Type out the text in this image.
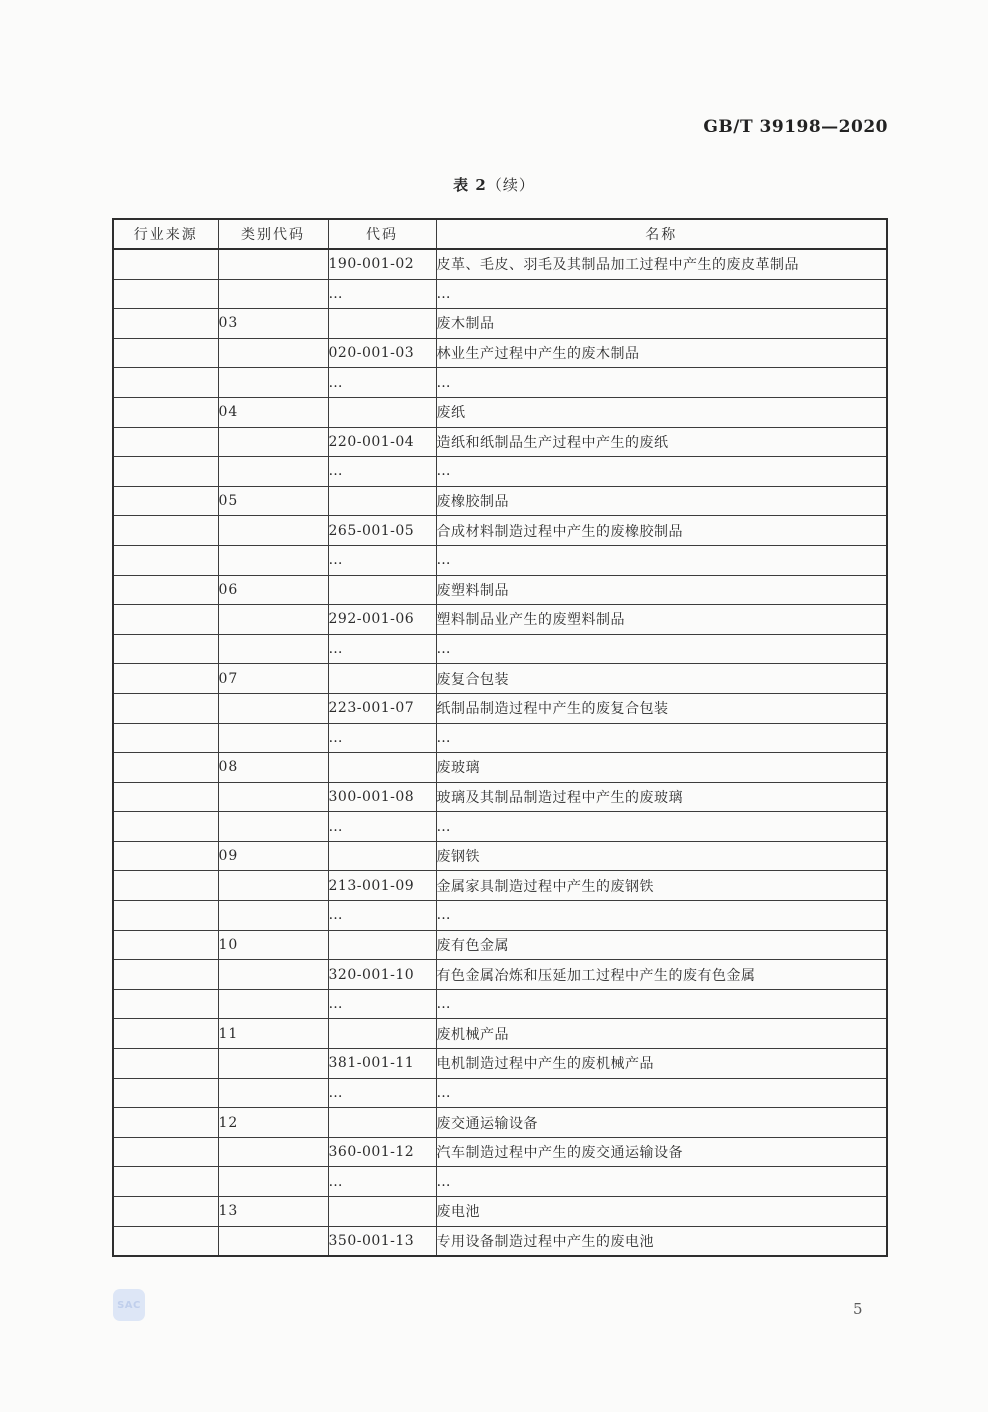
GB/T 39198—2020
表 2（续）
行业来源	类别代码	代码	名称
		190-001-02	皮革、毛皮、羽毛及其制品加工过程中产生的废皮革制品
		…	…
	03		废木制品
		020-001-03	林业生产过程中产生的废木制品
		…	…
	04		废纸
		220-001-04	造纸和纸制品生产过程中产生的废纸
		…	…
	05		废橡胶制品
		265-001-05	合成材料制造过程中产生的废橡胶制品
		…	…
	06		废塑料制品
		292-001-06	塑料制品业产生的废塑料制品
		…	…
	07		废复合包装
		223-001-07	纸制品制造过程中产生的废复合包装
		…	…
	08		废玻璃
		300-001-08	玻璃及其制品制造过程中产生的废玻璃
		…	…
	09		废钢铁
		213-001-09	金属家具制造过程中产生的废钢铁
		…	…
	10		废有色金属
		320-001-10	有色金属冶炼和压延加工过程中产生的废有色金属
		…	…
	11		废机械产品
		381-001-11	电机制造过程中产生的废机械产品
		…	…
	12		废交通运输设备
		360-001-12	汽车制造过程中产生的废交通运输设备
		…	…
	13		废电池
		350-001-13	专用设备制造过程中产生的废电池
SAC	5
